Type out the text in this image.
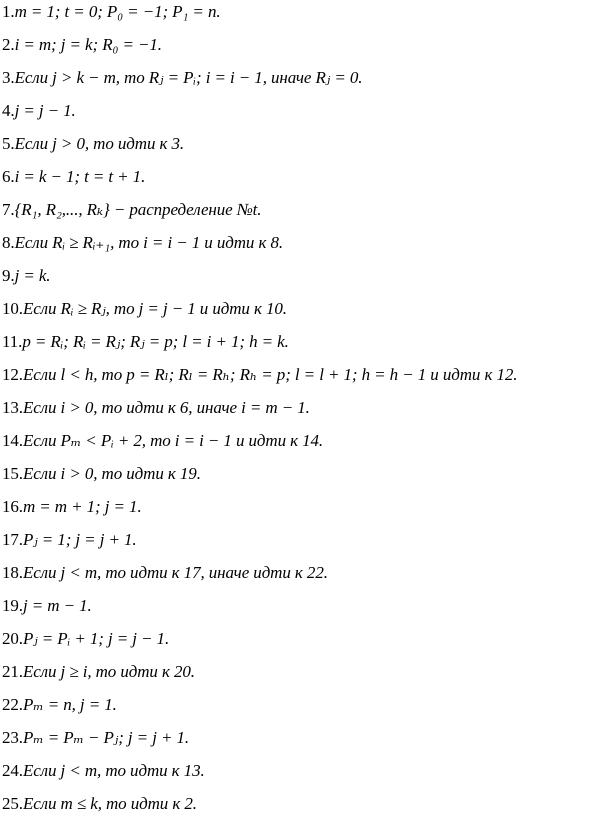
1.m = 1; t = 0; P₀ = −1; P₁ = n.
2.i = m; j = k; R₀ = −1.
3.Если j > k − m, то Rⱼ = Pᵢ; i = i − 1, иначе Rⱼ = 0.
4.j = j − 1.
5.Если j > 0, то идти к 3.
6.i = k − 1; t = t + 1.
7.{R₁, R₂,..., Rₖ} − распределение №t.
8.Если Rᵢ ≥ Rᵢ₊₁, то i = i − 1 и идти к 8.
9.j = k.
10.Если Rᵢ ≥ Rⱼ, то j = j − 1 и идти к 10.
11.p = Rᵢ; Rᵢ = Rⱼ; Rⱼ = p; l = i + 1; h = k.
12.Если l < h, то p = Rₗ; Rₗ = Rₕ; Rₕ = p; l = l + 1; h = h − 1 и идти к 12.
13.Если i > 0, то идти к 6, иначе i = m − 1.
14.Если Pₘ < Pᵢ + 2, то i = i − 1 и идти к 14.
15.Если i > 0, то идти к 19.
16.m = m + 1; j = 1.
17.Pⱼ = 1; j = j + 1.
18.Если j < m, то идти к 17, иначе идти к 22.
19.j = m − 1.
20.Pⱼ = Pᵢ + 1; j = j − 1.
21.Если j ≥ i, то идти к 20.
22.Pₘ = n, j = 1.
23.Pₘ = Pₘ − Pⱼ; j = j + 1.
24.Если j < m, то идти к 13.
25.Если m ≤ k, то идти к 2.
